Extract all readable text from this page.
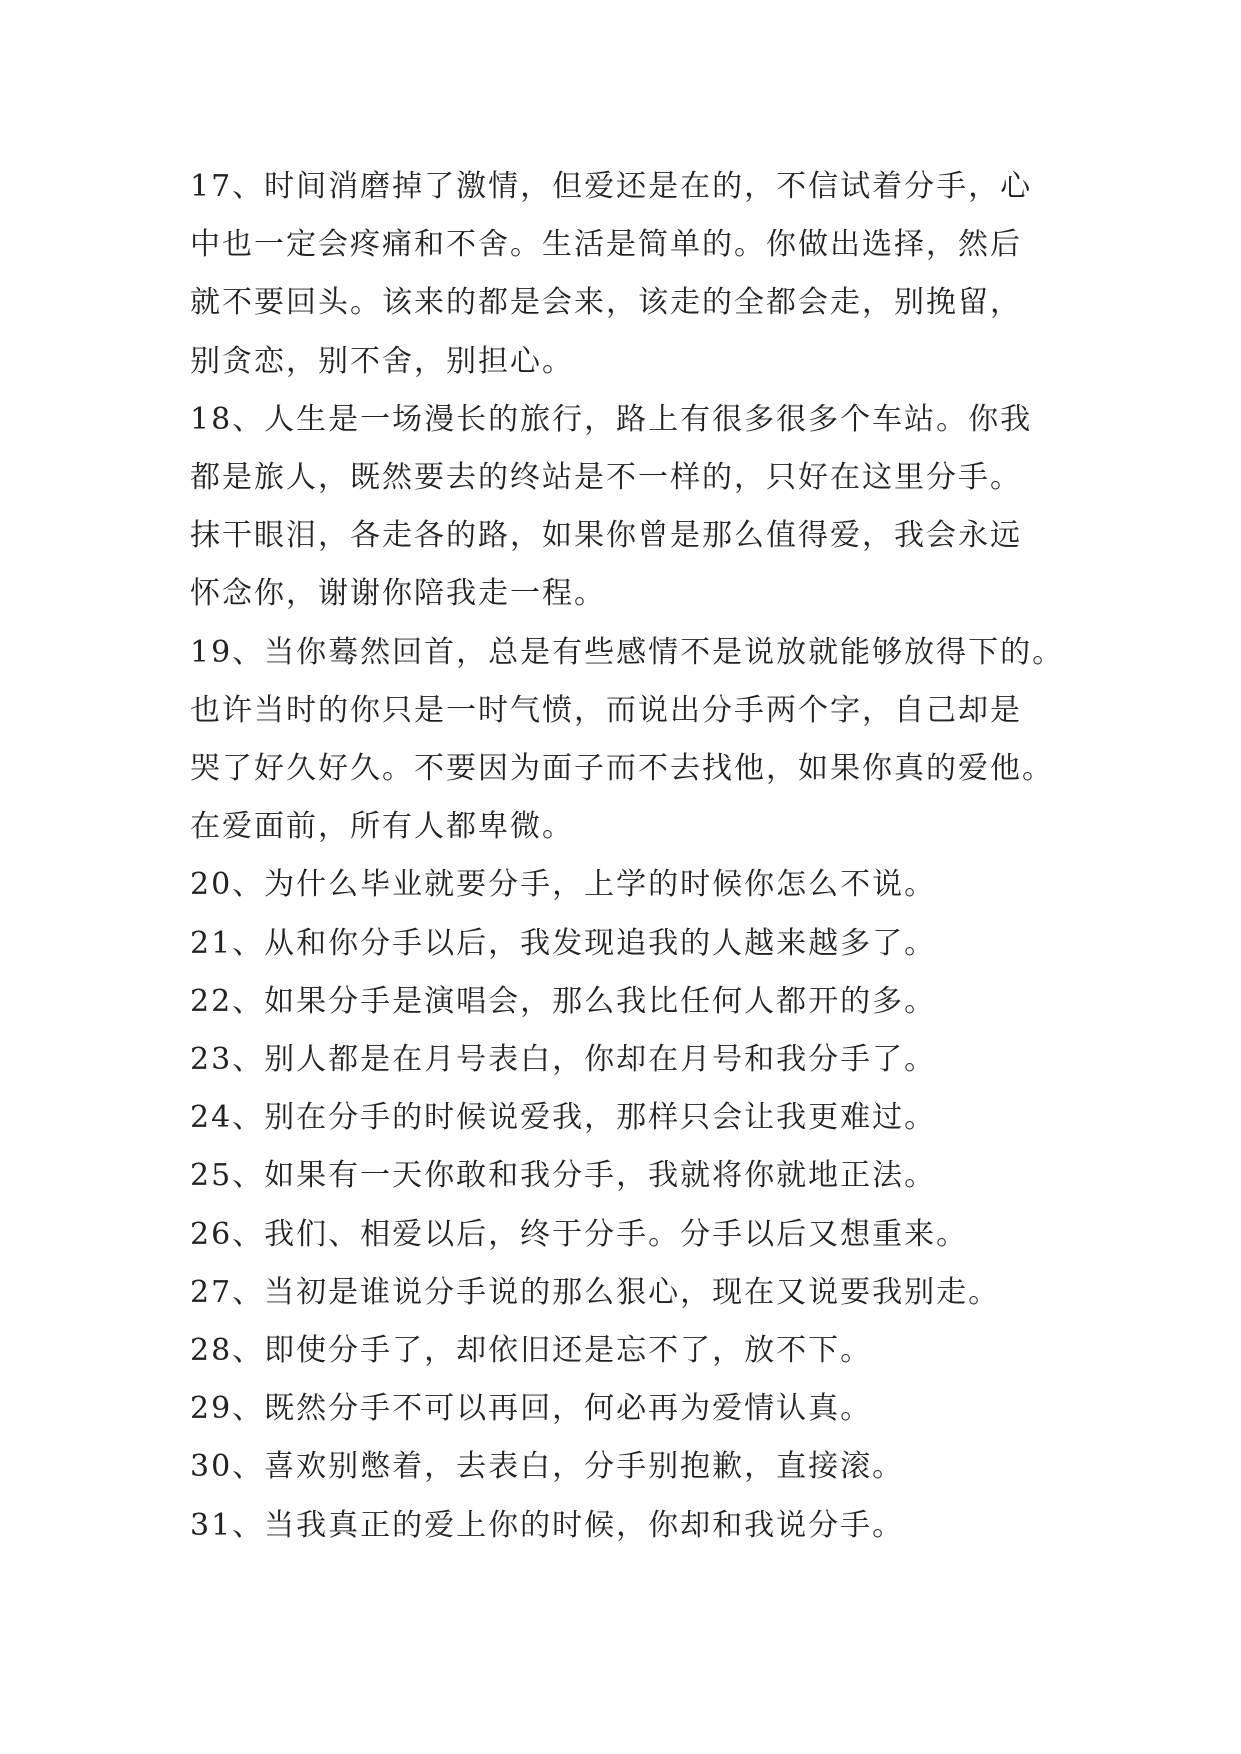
17、时间消磨掉了激情，但爱还是在的，不信试着分手，心
中也一定会疼痛和不舍。生活是简单的。你做出选择，然后
就不要回头。该来的都是会来，该走的全都会走，别挽留，
别贪恋，别不舍，别担心。

18、人生是一场漫长的旅行，路上有很多很多个车站。你我
都是旅人，既然要去的终站是不一样的，只好在这里分手。
抹干眼泪，各走各的路，如果你曾是那么值得爱，我会永远
怀念你，谢谢你陪我走一程。

19、当你蓦然回首，总是有些感情不是说放就能够放得下的。
也许当时的你只是一时气愤，而说出分手两个字，自己却是
哭了好久好久。不要因为面子而不去找他，如果你真的爱他。
在爱面前，所有人都卑微。

20、为什么毕业就要分手，上学的时候你怎么不说。

21、从和你分手以后，我发现追我的人越来越多了。

22、如果分手是演唱会，那么我比任何人都开的多。

23、别人都是在月号表白，你却在月号和我分手了。

24、别在分手的时候说爱我，那样只会让我更难过。

25、如果有一天你敢和我分手，我就将你就地正法。

26、我们、相爱以后，终于分手。分手以后又想重来。

27、当初是谁说分手说的那么狠心，现在又说要我别走。

28、即使分手了，却依旧还是忘不了，放不下。

29、既然分手不可以再回，何必再为爱情认真。

30、喜欢别憋着，去表白，分手别抱歉，直接滚。

31、当我真正的爱上你的时候，你却和我说分手。
